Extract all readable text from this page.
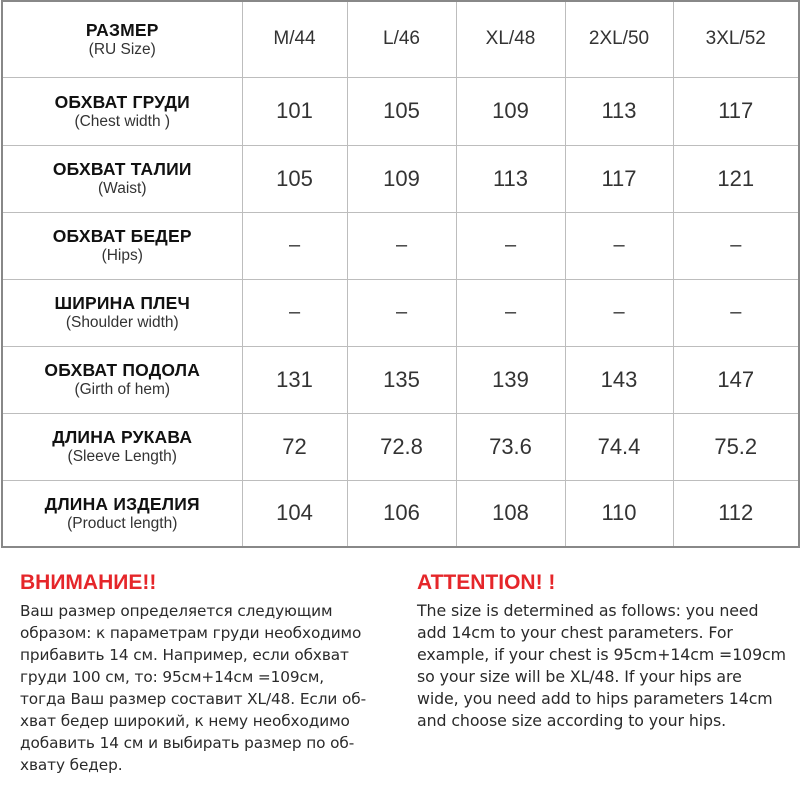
РАЗМЕР
(RU Size)	M/44	L/46	XL/48	2XL/50	3XL/52

ОБХВАТ ГРУДИ
(Chest width )	101	105	109	113	117

ОБХВАТ ТАЛИИ
(Waist)	105	109	113	117	121

ОБХВАТ БЕДЕР
(Hips)	–	–	–	–	–

ШИРИНА ПЛЕЧ
(Shoulder width)	–	–	–	–	–

ОБХВАТ ПОДОЛА
(Girth of hem)	131	135	139	143	147

ДЛИНА РУКАВА
(Sleeve Length)	72	72.8	73.6	74.4	75.2

ДЛИНА ИЗДЕЛИЯ
(Product length)	104	106	108	110	112
ВНИМАНИЕ!!

Ваш размер определяется следующим
образом: к параметрам груди необходимо
прибавить 14 см. Например, если обхват
груди 100 см, то: 95см+14см =109см,
тогда Ваш размер составит XL/48. Если об-
хват бедер широкий, к нему необходимо
добавить 14 см и выбирать размер по об-
хвату бедер.

ATTENTION! !

The size is determined as follows: you need
add 14cm to your chest parameters. For
example, if your chest is 95cm+14cm =109cm
so your size will be XL/48. If your hips are
wide, you need add to hips parameters 14cm
and choose size according to your hips.
